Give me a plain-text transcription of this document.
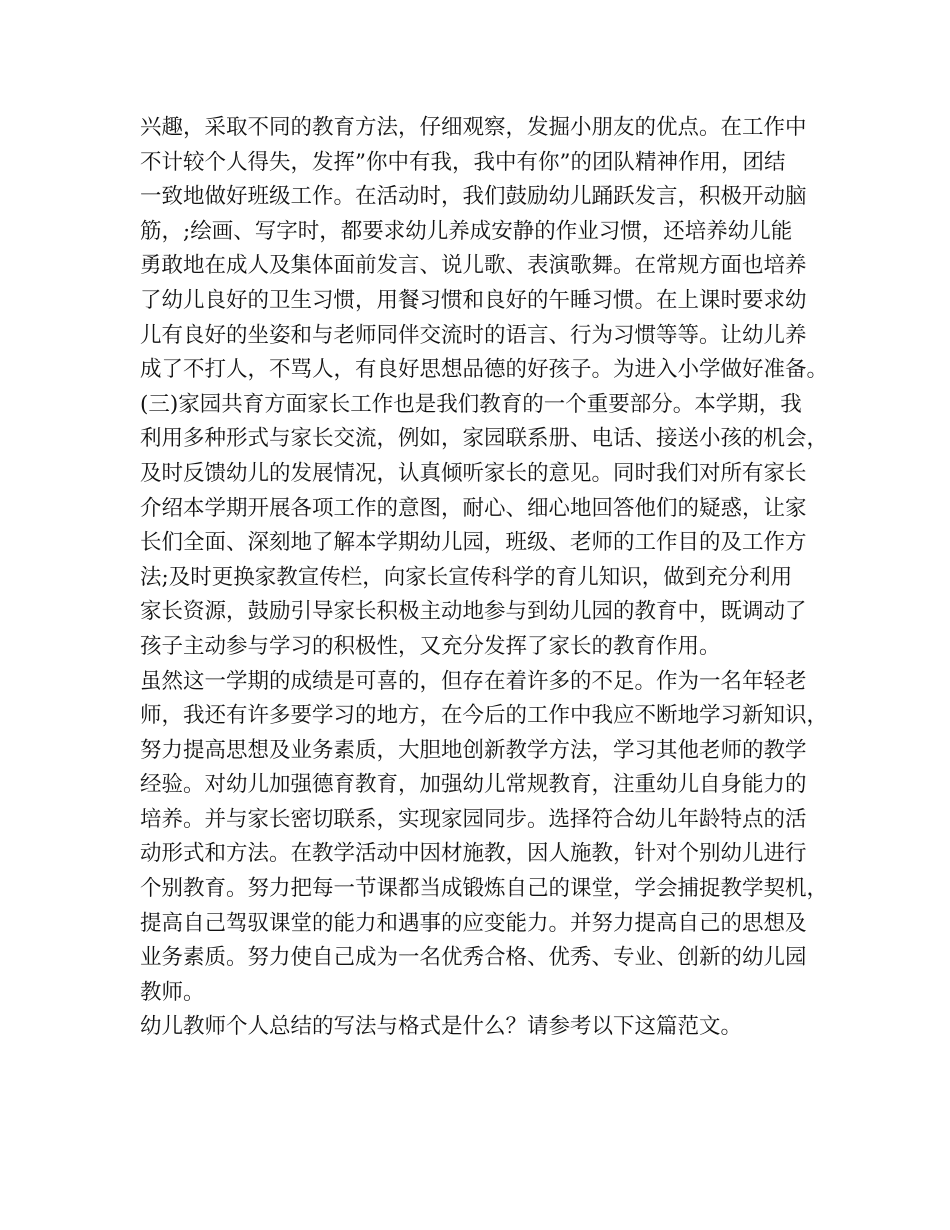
兴趣，采取不同的教育方法，仔细观察，发掘小朋友的优点。在工作中
不计较个人得失，发挥”你中有我，我中有你”的团队精神作用，团结
一致地做好班级工作。在活动时，我们鼓励幼儿踊跃发言，积极开动脑
筋，;绘画、写字时，都要求幼儿养成安静的作业习惯，还培养幼儿能
勇敢地在成人及集体面前发言、说儿歌、表演歌舞。在常规方面也培养
了幼儿良好的卫生习惯，用餐习惯和良好的午睡习惯。在上课时要求幼
儿有良好的坐姿和与老师同伴交流时的语言、行为习惯等等。让幼儿养
成了不打人，不骂人，有良好思想品德的好孩子。为进入小学做好准备。
(三)家园共育方面家长工作也是我们教育的一个重要部分。本学期，我
利用多种形式与家长交流，例如，家园联系册、电话、接送小孩的机会，
及时反馈幼儿的发展情况，认真倾听家长的意见。同时我们对所有家长
介绍本学期开展各项工作的意图，耐心、细心地回答他们的疑惑，让家
长们全面、深刻地了解本学期幼儿园，班级、老师的工作目的及工作方
法;及时更换家教宣传栏，向家长宣传科学的育儿知识，做到充分利用
家长资源，鼓励引导家长积极主动地参与到幼儿园的教育中，既调动了
孩子主动参与学习的积极性，又充分发挥了家长的教育作用。
虽然这一学期的成绩是可喜的，但存在着许多的不足。作为一名年轻老
师，我还有许多要学习的地方，在今后的工作中我应不断地学习新知识，
努力提高思想及业务素质，大胆地创新教学方法，学习其他老师的教学
经验。对幼儿加强德育教育，加强幼儿常规教育，注重幼儿自身能力的
培养。并与家长密切联系，实现家园同步。选择符合幼儿年龄特点的活
动形式和方法。在教学活动中因材施教，因人施教，针对个别幼儿进行
个别教育。努力把每一节课都当成锻炼自己的课堂，学会捕捉教学契机，
提高自己驾驭课堂的能力和遇事的应变能力。并努力提高自己的思想及
业务素质。努力使自己成为一名优秀合格、优秀、专业、创新的幼儿园
教师。
幼儿教师个人总结的写法与格式是什么？请参考以下这篇范文。
